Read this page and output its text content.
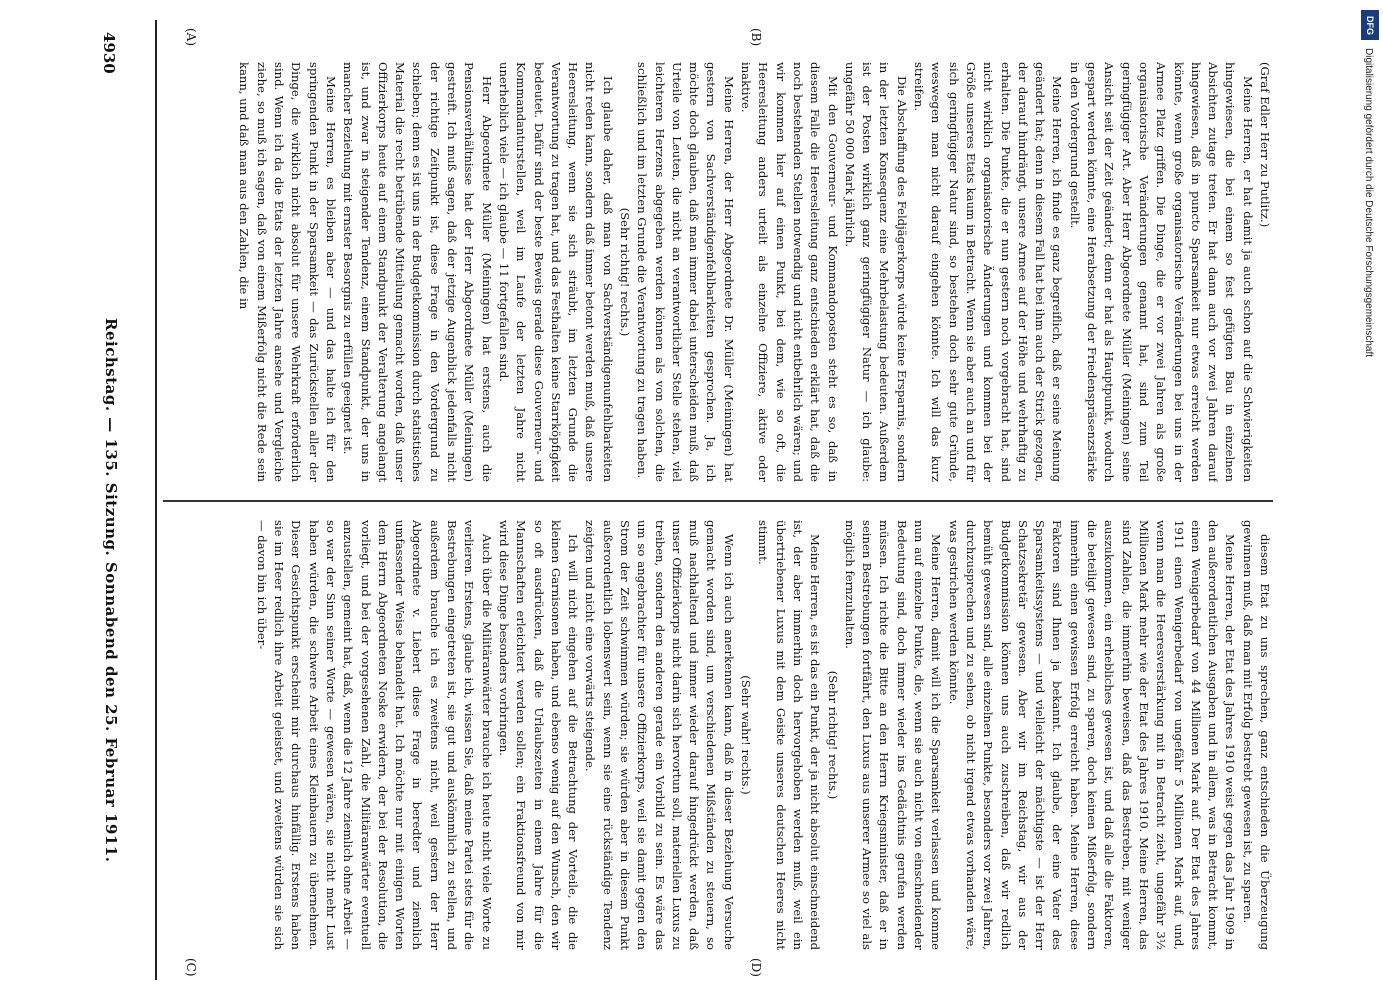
4930
Reichstag. — 135. Sitzung. Sonnabend den 25. Februar 1911.
(A)	(B)
(C)	(D)

(Graf Edler Herr zu Putlitz.)

Meine Herren, er hat damit ja auch schon auf die Schwierigkeiten hingewiesen, die bei einem so fest gefügten Bau in einzelnen Absichten zutage treten. Er hat dann auch vor zwei Jahren darauf hingewiesen, daß in puncto Sparsamkeit nur etwas erreicht werden könnte, wenn große organisatorische Veränderungen bei uns in der Armee Platz griffen. Die Dinge, die er vor zwei Jahren als große organisatorische Veränderungen genannt hat, sind zum Teil geringfügiger Art. Aber Herr Abgeordnete Müller (Meiningen) seine Ansicht seit der Zeit geändert; denn er hat als Hauptpunkt, wodurch gespart werden könnte, eine Herabsetzung der Friedenspräsenzstärke in den Vordergrund gestellt.

Meine Herren, ich finde es ganz begreiflich, daß er seine Meinung geändert hat; denn in diesem Fall hat bei ihm auch der Strick gezogen, der darauf hindrängt, unsere Armee auf der Höhe und wehrhaftig zu erhalten. Die Punkte, die er nun gestern noch vorgebracht hat, sind nicht wirklich organisatorische Änderungen und kommen bei der Größe unseres Etats kaum in Betracht. Wenn sie aber auch an und für sich geringfügiger Natur sind, so bestehen doch sehr gute Gründe, weswegen man nicht darauf eingehen könnte. Ich will das kurz streifen.

Die Abschaffung des Feldjägerkorps würde keine Ersparnis, sondern in der letzten Konsequenz eine Mehrbelastung bedeuten. Außerdem ist der Posten wirklich ganz geringfügiger Natur — ich glaube: ungefähr 50 000 Mark jährlich.

Mit den Gouverneur- und Kommandoposten steht es so, daß in diesem Falle die Heeresleitung ganz entschieden erklärt hat, daß die noch bestehenden Stellen notwendig und nicht entbehrlich wären; und wir kommen hier auf einen Punkt, bei dem, wie so oft, die Heeresleitung anders urteilt als einzelne Offiziere, aktive oder inaktive.

Meine Herren, der Herr Abgeordnete Dr. Müller (Meiningen) hat gestern von Sachverständigenfehlbarkeiten gesprochen. Ja, ich möchte doch glauben, daß man immer dabei unterscheiden muß, daß Urteile von Leuten, die nicht an verantwortlicher Stelle stehen, viel leichteren Herzens abgegeben werden können als von solchen, die schließlich und im letzten Grunde die Verantwortung zu tragen haben.

(Sehr richtig! rechts.)

Ich glaube daher, daß man von Sachverständigenunfehlbarkeiten nicht reden kann, sondern daß immer betont werden muß, daß unsere Heeresleitung, wenn sie sich sträubt, im letzten Grunde die Verantwortung zu tragen hat, und das Festhalten keine Starrköpfigkeit bedeutet. Dafür sind der beste Beweis gerade diese Gouverneur- und Kommandanturstellen, weil im Laufe der letzten Jahre nicht unerheblich viele — ich glaube — 11 fortgefallen sind.

Herr Abgeordnete Müller (Meiningen) hat erstens, auch die Pensionsverhältnisse hat der Herr Abgeordnete Müller (Meiningen) gestreift. Ich muß sagen, daß der jetzige Augenblick jedenfalls nicht der richtige Zeitpunkt ist, diese Frage in den Vordergrund zu schieben; denn es ist uns in der Budgetkommission durch statistisches Material die recht betrübende Mitteilung gemacht worden, daß unser Offizierkorps heute auf einem Standpunkt der Veralterung angelangt ist, und zwar in steigender Tendenz, einem Standpunkt, der uns in mancher Beziehung mit ernster Besorgnis zu erfüllen geeignet ist.

Meine Herren, es bleiben aber — und das halte ich für den springenden Punkt in der Sparsamkeit — das Zurückstellen aller der Dinge, die wirklich nicht absolut für unsere Wehrkraft erforderlich sind. Wenn ich da die Etats der letzten Jahre ansehe und Vergleiche ziehe, so muß ich sagen, daß von einem Mißerfolg nicht die Rede sein kann, und daß man aus den Zahlen, die in

diesem Etat zu uns sprechen, ganz entschieden die Überzeugung gewinnen muß, daß man mit Erfolg bestrebt gewesen ist, zu sparen.

Meine Herren, der Etat des Jahres 1910 weist gegen das Jahr 1909 in den außerordentlichen Ausgaben und in allem, was in Betracht kommt, einen Wenigerbedarf von 44 Millionen Mark auf. Der Etat des Jahres 1911 einen Wenigerbedarf von ungefähr 5 Millionen Mark auf, und, wenn man die Heeresverstärkung mit in Betracht zieht, ungefähr 3½ Millionen Mark mehr wie der Etat des Jahres 1910. Meine Herren, das sind Zahlen, die immerhin beweisen, daß das Bestreben, mit weniger auszukommen, ein erhebliches gewesen ist, und daß alle die Faktoren, die beteiligt gewesen sind, zu sparen, doch keinen Mißerfolg, sondern immerhin einen gewissen Erfolg erreicht haben. Meine Herren, diese Faktoren sind Ihnen ja bekannt. Ich glaube, der eine Vater des Sparsamkeitssystems — und vielleicht der mächtigste — ist der Herr Schatzsekretär gewesen. Aber wir im Reichstag, wir aus der Budgetkommission können uns auch zuschreiben, daß wir redlich bemüht gewesen sind, alle einzelnen Punkte, besonders vor zwei Jahren, durchzusprechen und zu sehen, ob nicht irgend etwas vorhanden wäre, was gestrichen werden könnte.

Meine Herren, damit will ich die Sparsamkeit verlassen und komme nun auf einzelne Punkte, die, wenn sie auch nicht von einschneidender Bedeutung sind, doch immer wieder ins Gedächtnis gerufen werden müssen. Ich richte die Bitte an den Herrn Kriegsminister, daß er in seinen Bestrebungen fortfährt, den Luxus aus unserer Armee so viel als möglich fernzuhalten.

(Sehr richtig! rechts.)

Meine Herren, es ist das ein Punkt, der ja nicht absolut einschneidend ist, der aber immerhin doch hervorgehoben werden muß, weil ein übertriebener Luxus mit dem Geiste unseres deutschen Heeres nicht stimmt.

(Sehr wahr! rechts.)

Wenn ich auch anerkennen kann, daß in dieser Beziehung Versuche gemacht worden sind, um verschiedenen Mißständen zu steuern, so muß nachhaltend und immer wieder darauf hingedrückt werden, daß unser Offizierkorps nicht darin sich hervortun soll, materiellen Luxus zu treiben, sondern den anderen gerade ein Vorbild zu sein. Es wäre das um so angebrachter für unsere Offizierkorps, weil sie damit gegen den Strom der Zeit schwimmen würden; sie würden aber in diesem Punkt außerordentlich lobenswert sein, wenn sie eine rückständige Tendenz zeigten und nicht eine vorwärts steigende.

Ich will nicht eingehen auf die Betrachtung der Vorteile, die die kleinen Garnisonen haben, und ebenso wenig auf den Wunsch, den wir so oft ausdrücken, daß die Urlaubszeiten in einem Jahre für die Mannschaften erleichtert werden sollen; ein Fraktionsfreund von mir wird diese Dinge besonders vorbringen.

Auch über die Militäranwärter brauche ich heute nicht viele Worte zu verlieren. Erstens, glaube ich, wissen Sie, daß meine Partei stets für die Bestrebungen eingetreten ist, sie gut und auskömmlich zu stellen, und außerdem brauche ich es zweitens nicht, weil gestern der Herr Abgeordnete v. Liebert diese Frage in beredter und ziemlich umfassender Weise behandelt hat. Ich möchte nur mit einigen Worten dem Herrn Abgeordneten Noske erwidern, der bei der Resolution, die vorliegt, und bei der vorgesehenen Zahl, die Militäranwärter eventuell anzustellen, gemeint hat, daß, wenn die 12 Jahre ziemlich ohne Arbeit — so war der Sinn seiner Worte — gewesen wären, sie nicht mehr Lust haben würden, die schwere Arbeit eines Kleinbauern zu übernehmen. Dieser Gesichtspunkt erscheint mir durchaus hinfällig. Erstens haben sie im Heer redlich ihre Arbeit geleistet, und zweitens würden sie sich — davon bin ich über-

DFG
Digitalisierung gefördert durch die Deutsche Forschungsgemeinschaft
